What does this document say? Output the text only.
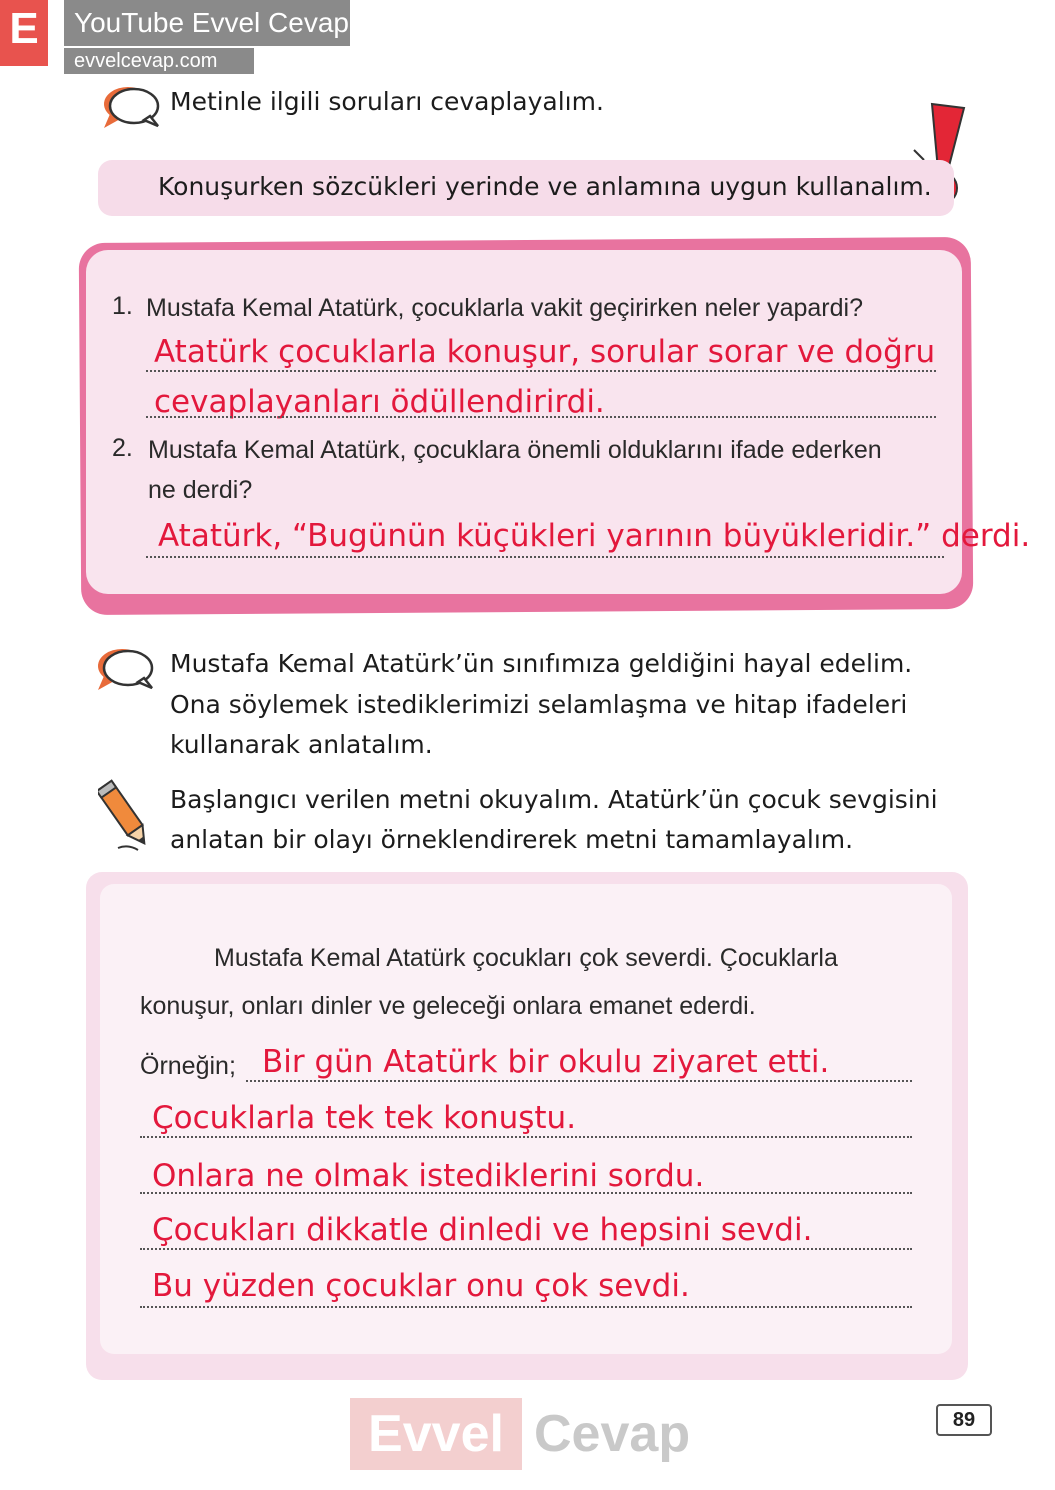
E	YouTube Evvel Cevap
evvelcevap.com
Metinle ilgili soruları cevaplayalım.
Konuşurken sözcükleri yerinde ve anlamına uygun kullanalım.
1. Mustafa Kemal Atatürk, çocuklarla vakit geçirirken neler yapardi?
Atatürk çocuklarla konuşur, sorular sorar ve doğru
cevaplayanları ödüllendirirdi.
2. Mustafa Kemal Atatürk, çocuklara önemli olduklarını ifade ederken
ne derdi?
Atatürk, “Bugünün küçükleri yarının büyükleridir.” derdi.
Mustafa Kemal Atatürk’ün sınıfımıza geldiğini hayal edelim.
Ona söylemek istediklerimizi selamlaşma ve hitap ifadeleri
kullanarak anlatalım.
Başlangıcı verilen metni okuyalım. Atatürk’ün çocuk sevgisini
anlatan bir olayı örneklendirerek metni tamamlayalım.
Mustafa Kemal Atatürk çocukları çok severdi. Çocuklarla
konuşur, onları dinler ve geleceği onlara emanet ederdi.
Örneğin; Bir gün Atatürk bir okulu ziyaret etti.
Çocuklarla tek tek konuştu.
Onlara ne olmak istediklerini sordu.
Çocukları dikkatle dinledi ve hepsini sevdi.
Bu yüzden çocuklar onu çok sevdi.
Evvel Cevap	89
